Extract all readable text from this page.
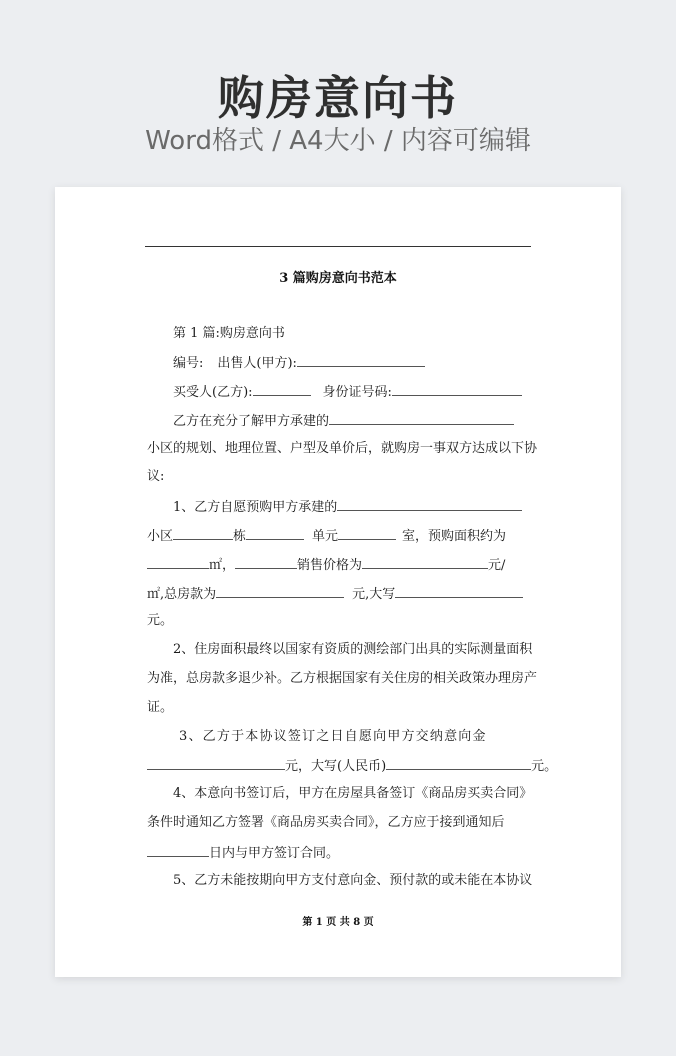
购房意向书
Word格式 / A4大小 / 内容可编辑
3 篇购房意向书范本
第 1 篇:购房意向书
编号: 出售人(甲方):
买受人(乙方):	身份证号码:
乙方在充分了解甲方承建的
小区的规划、地理位置、户型及单价后，就购房一事双方达成以下协
议:
1、乙方自愿预购甲方承建的
小区	栋	单元	室，预购面积约为
㎡，	销售价格为	元/
㎡,总房款为	元,大写
元。
2、住房面积最终以国家有资质的测绘部门出具的实际测量面积
为准，总房款多退少补。乙方根据国家有关住房的相关政策办理房产
证。
3、乙方于本协议签订之日自愿向甲方交纳意向金
元，大写(人民币)	元。
4、本意向书签订后，甲方在房屋具备签订《商品房买卖合同》
条件时通知乙方签署《商品房买卖合同》，乙方应于接到通知后
日内与甲方签订合同。
5、乙方未能按期向甲方支付意向金、预付款的或未能在本协议
第 1 页 共 8 页
